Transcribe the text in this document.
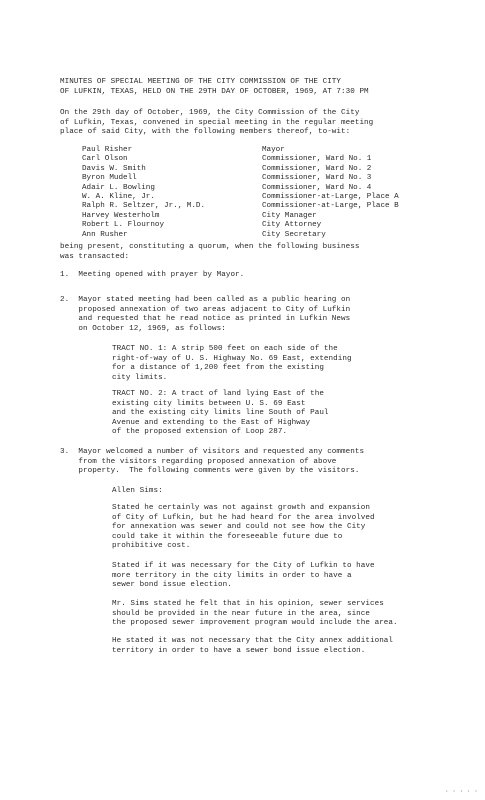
MINUTES OF SPECIAL MEETING OF THE CITY COMMISSION OF THE CITY
OF LUFKIN, TEXAS, HELD ON THE 29TH DAY OF OCTOBER, 1969, AT 7:30 PM
On the 29th day of October, 1969, the City Commission of the City
of Lufkin, Texas, convened in special meeting in the regular meeting
place of said City, with the following members thereof, to-wit:
Paul Risher	Mayor
Carl Olson	Commissioner, Ward No. 1
Davis W. Smith	Commissioner, Ward No. 2
Byron Mudell	Commissioner, Ward No. 3
Adair L. Bowling	Commissioner, Ward No. 4
W. A. Kline, Jr.	Commissioner-at-Large, Place A
Ralph R. Seltzer, Jr., M.D.	Commissioner-at-Large, Place B
Harvey Westerholm	City Manager
Robert L. Flournoy	City Attorney
Ann Rusher	City Secretary
being present, constituting a quorum, when the following business
was transacted:
1.  Meeting opened with prayer by Mayor.
2.  Mayor stated meeting had been called as a public hearing on
proposed annexation of two areas adjacent to City of Lufkin
and requested that he read notice as printed in Lufkin News
on October 12, 1969, as follows:
TRACT NO. 1: A strip 500 feet on each side of the
right-of-way of U. S. Highway No. 69 East, extending
for a distance of 1,200 feet from the existing
city limits.
TRACT NO. 2: A tract of land lying East of the
existing city limits between U. S. 69 East
and the existing city limits line South of Paul
Avenue and extending to the East of Highway
of the proposed extension of Loop 287.
3.  Mayor welcomed a number of visitors and requested any comments
from the visitors regarding proposed annexation of above
property.  The following comments were given by the visitors.
Allen Sims:
Stated he certainly was not against growth and expansion
of City of Lufkin, but he had heard for the area involved
for annexation was sewer and could not see how the City
could take it within the foreseeable future due to
prohibitive cost.
Stated if it was necessary for the City of Lufkin to have
more territory in the city limits in order to have a
sewer bond issue election.
Mr. Sims stated he felt that in his opinion, sewer services
should be provided in the near future in the area, since
the proposed sewer improvement program would include the area.
He stated it was not necessary that the City annex additional
territory in order to have a sewer bond issue election.
· · · · ·
